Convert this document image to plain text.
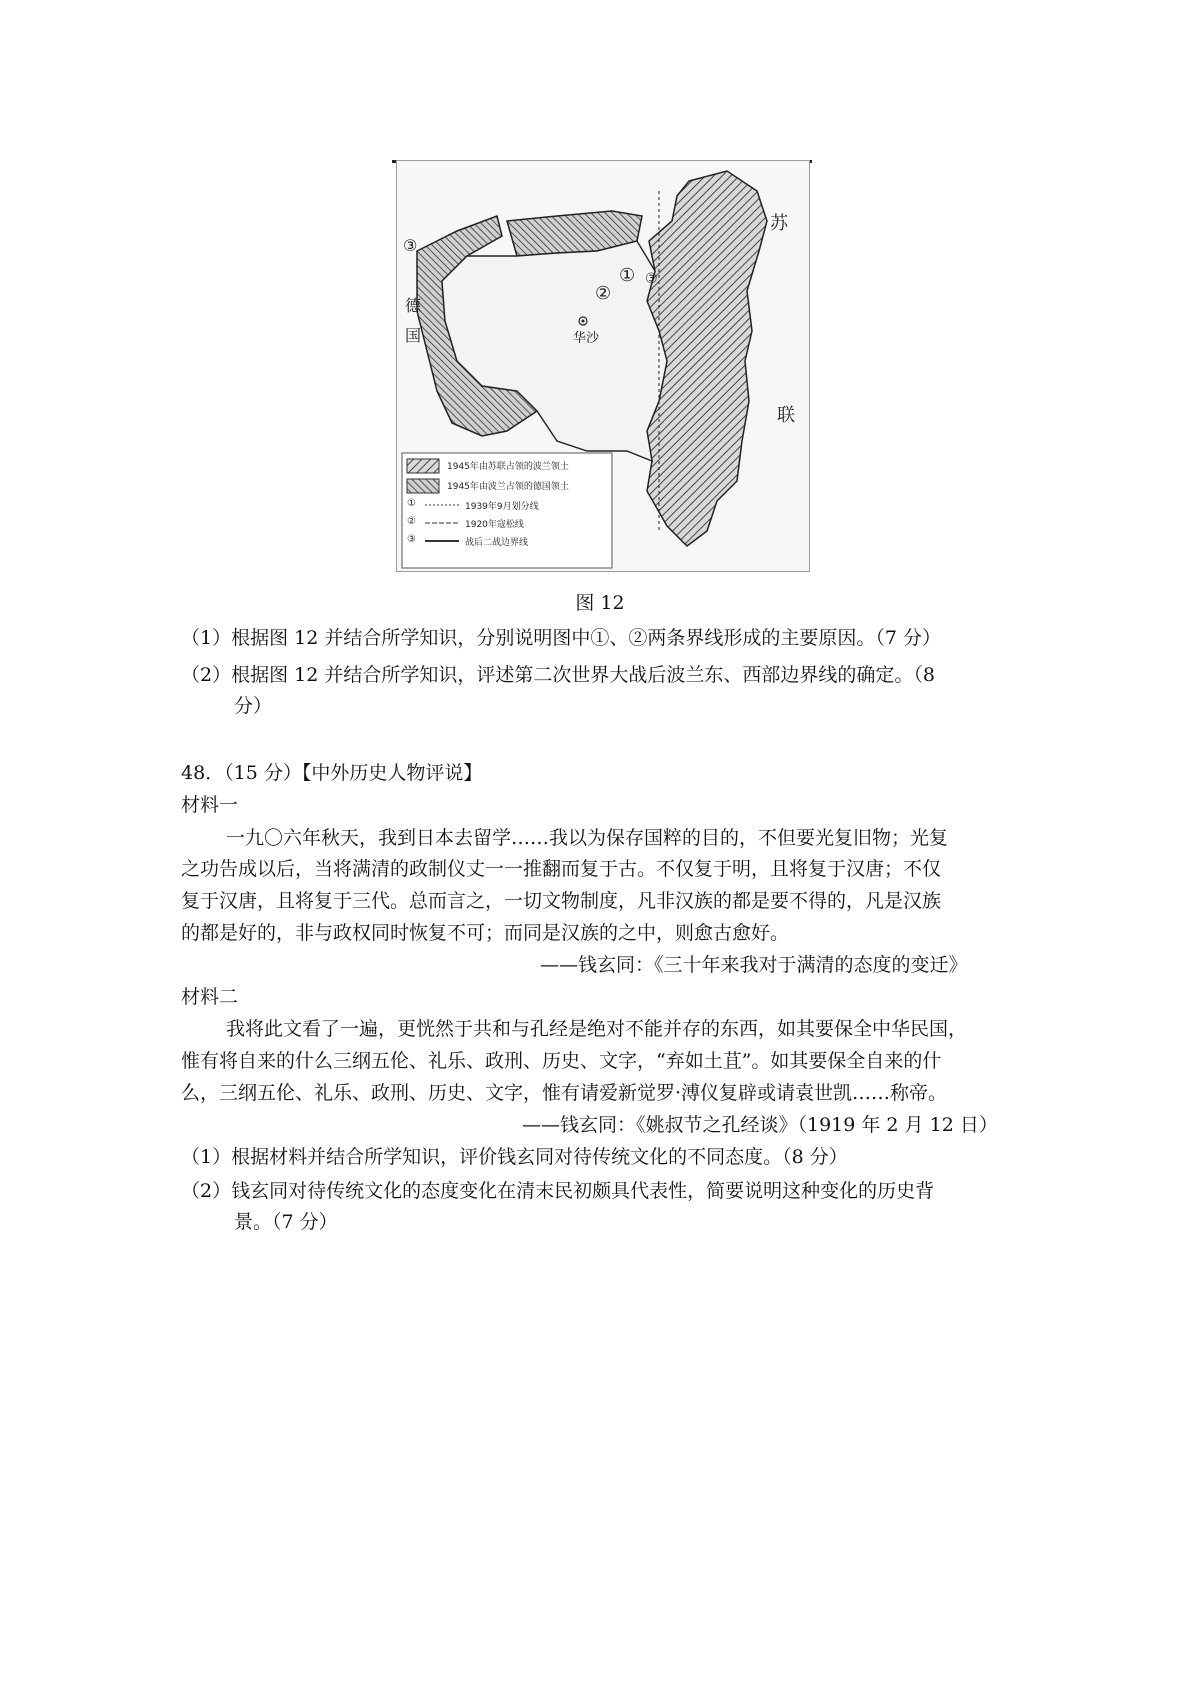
苏
联
德
国	华沙
①
②
③
③
1945年由苏联占领的波兰领土
1945年由波兰占领的德国领土
①	1939年9月划分线
②	1920年寇松线
③	战后二战边界线
图 12
（1）根据图 12 并结合所学知识，分别说明图中①、②两条界线形成的主要原因。（7 分）
（2）根据图 12 并结合所学知识，评述第二次世界大战后波兰东、西部边界线的确定。（8
分）
48．（15 分）【中外历史人物评说】
材料一
一九〇六年秋天，我到日本去留学……我以为保存国粹的目的，不但要光复旧物；光复
之功告成以后，当将满清的政制仪丈一一推翻而复于古。不仅复于明，且将复于汉唐；不仅
复于汉唐，且将复于三代。总而言之，一切文物制度，凡非汉族的都是要不得的，凡是汉族
的都是好的，非与政权同时恢复不可；而同是汉族的之中，则愈古愈好。
——钱玄同：《三十年来我对于满清的态度的变迁》
材料二
我将此文看了一遍，更恍然于共和与孔经是绝对不能并存的东西，如其要保全中华民国，
惟有将自来的什么三纲五伦、礼乐、政刑、历史、文字，“弃如土苴”。如其要保全自来的什
么，三纲五伦、礼乐、政刑、历史、文字，惟有请爱新觉罗·溥仪复辟或请袁世凯……称帝。
——钱玄同：《姚叔节之孔经谈》（1919 年 2 月 12 日）
（1）根据材料并结合所学知识，评价钱玄同对待传统文化的不同态度。（8 分）
（2）钱玄同对待传统文化的态度变化在清末民初颇具代表性，简要说明这种变化的历史背
景。（7 分）
